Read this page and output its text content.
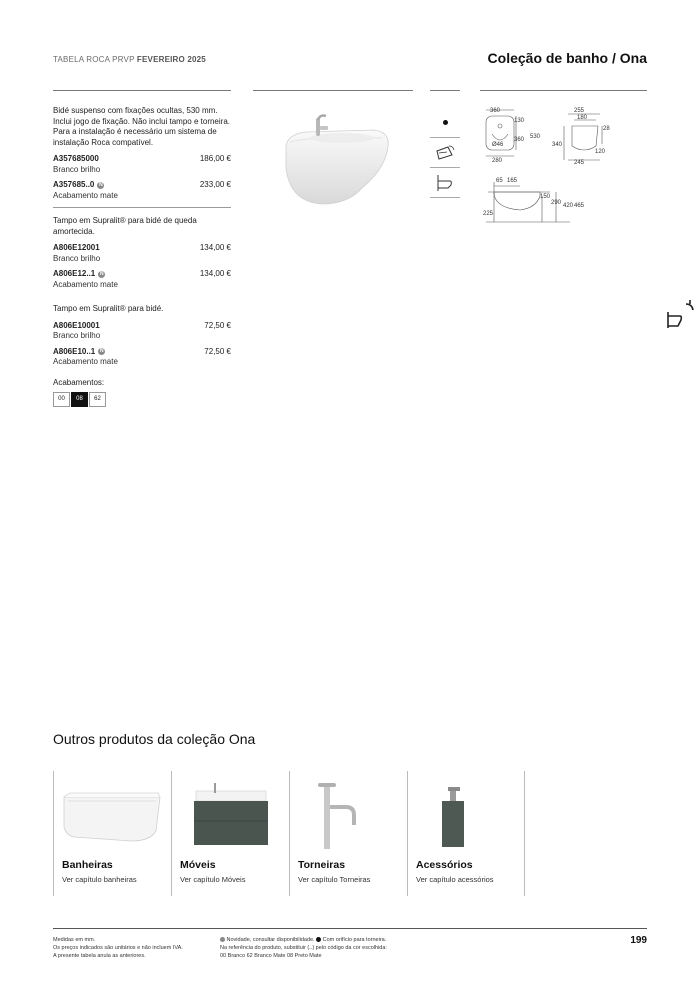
TABELA ROCA PRVP FEVEREIRO 2025	Coleção de banho / Ona
Bidé suspenso com fixações ocultas, 530 mm. Inclui jogo de fixação. Não inclui tampo e torneira. Para a instalação é necessário um sistema de instalação Roca compatível.
A357685000	186,00 €
Branco brilho
A357685..0 N	233,00 €
Acabamento mate
Tampo em Supralit® para bidé de queda amortecida.
A806E12001	134,00 €
Branco brilho
A806E12..1 N	134,00 €
Acabamento mate
Tampo em Supralit® para bidé.
A806E10001	72,50 €
Branco brilho
A806E10..1 N	72,50 €
Acabamento mate
Acabamentos:
00	08	62
360
130
360 530
Ø46
280
255
180
28
340
120
245
65 165
150
290 420 465
225
Outros produtos da coleção Ona
Banheiras
Ver capítulo banheiras
Móveis
Ver capítulo Móveis
Torneiras
Ver capítulo Torneiras
Acessórios
Ver capítulo acessórios
Medidas em mm.
Os preços indicados são unitários e não incluem IVA.
A presente tabela anula as anteriores.
Novidade, consultar disponibilidade. Com orifício para torneira.
Na referência do produto, substituir (..) pelo código da cor escolhida:
00 Branco 62 Branco Mate 08 Preto Mate
199
